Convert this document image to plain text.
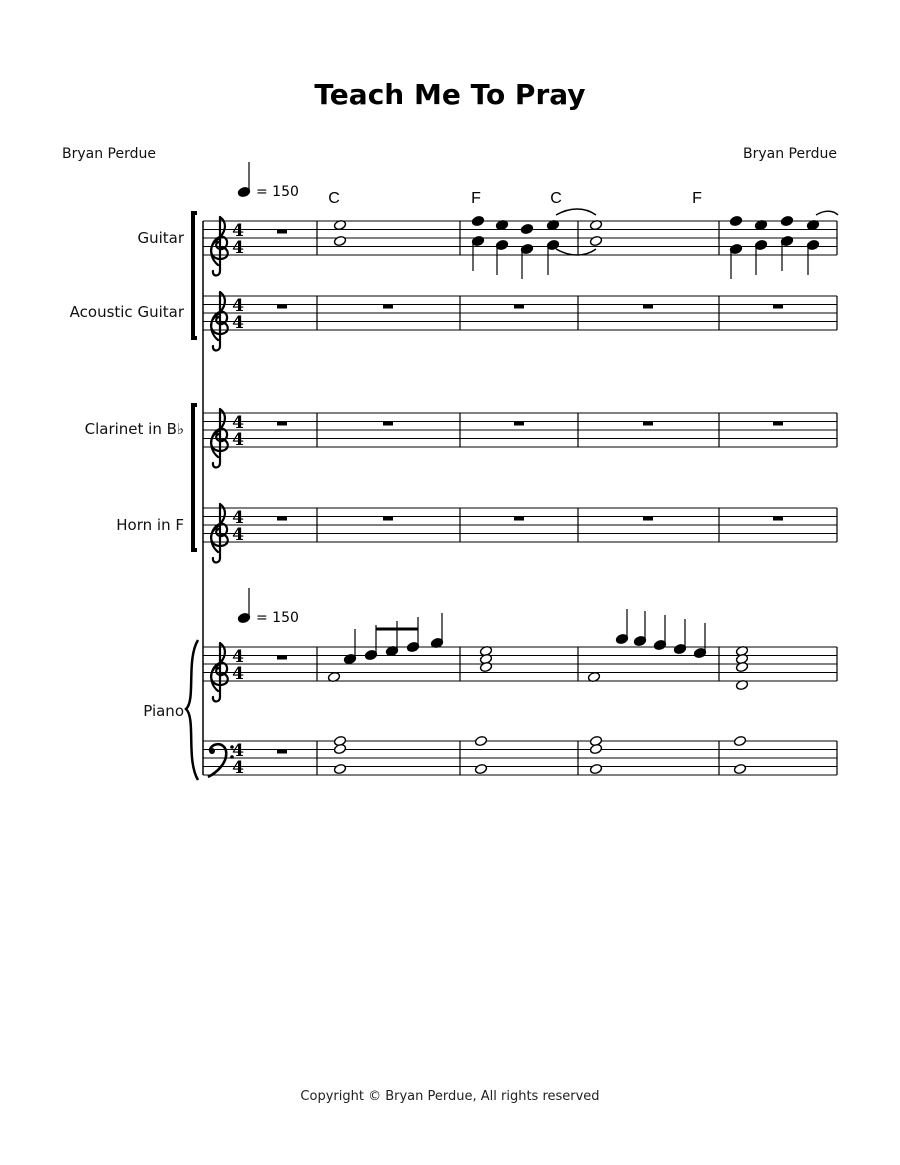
Teach Me To Pray
Bryan Perdue	Bryan Perdue
Guitar
Acoustic Guitar
Clarinet in B♭
Horn in F
Piano
4
4
4
4
4
4
4
4
4
4
4
4
= 150
= 150
C	F	C	F
Copyright © Bryan Perdue, All rights reserved
